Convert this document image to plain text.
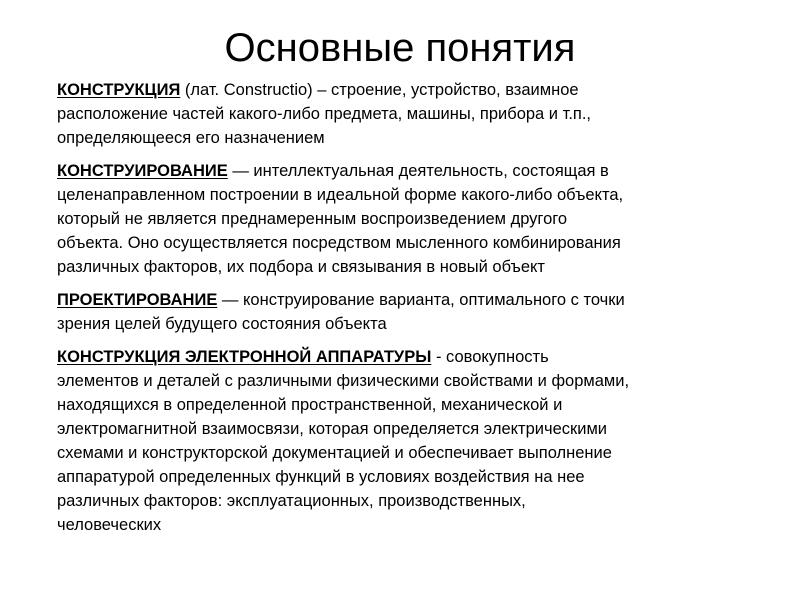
Основные понятия

КОНСТРУКЦИЯ (лат. Constructio) – строение, устройство, взаимное
расположение частей какого-либо предмета, машины, прибора и т.п.,
определяющееся его назначением

КОНСТРУИРОВАНИЕ — интеллектуальная деятельность, состоящая в
целенаправленном построении в идеальной форме какого-либо объекта,
который не является преднамеренным воспроизведением другого
объекта. Оно осуществляется посредством мысленного комбинирования
различных факторов, их подбора и связывания в новый объект

ПРОЕКТИРОВАНИЕ — конструирование варианта, оптимального с точки
зрения целей будущего состояния объекта

КОНСТРУКЦИЯ ЭЛЕКТРОННОЙ АППАРАТУРЫ - совокупность
элементов и деталей с различными физическими свойствами и формами,
находящихся в определенной пространственной, механической и
электромагнитной взаимосвязи, которая определяется электрическими
схемами и конструкторской документацией и обеспечивает выполнение
аппаратурой определенных функций в условиях воздействия на нее
различных факторов: эксплуатационных, производственных,
человеческих
